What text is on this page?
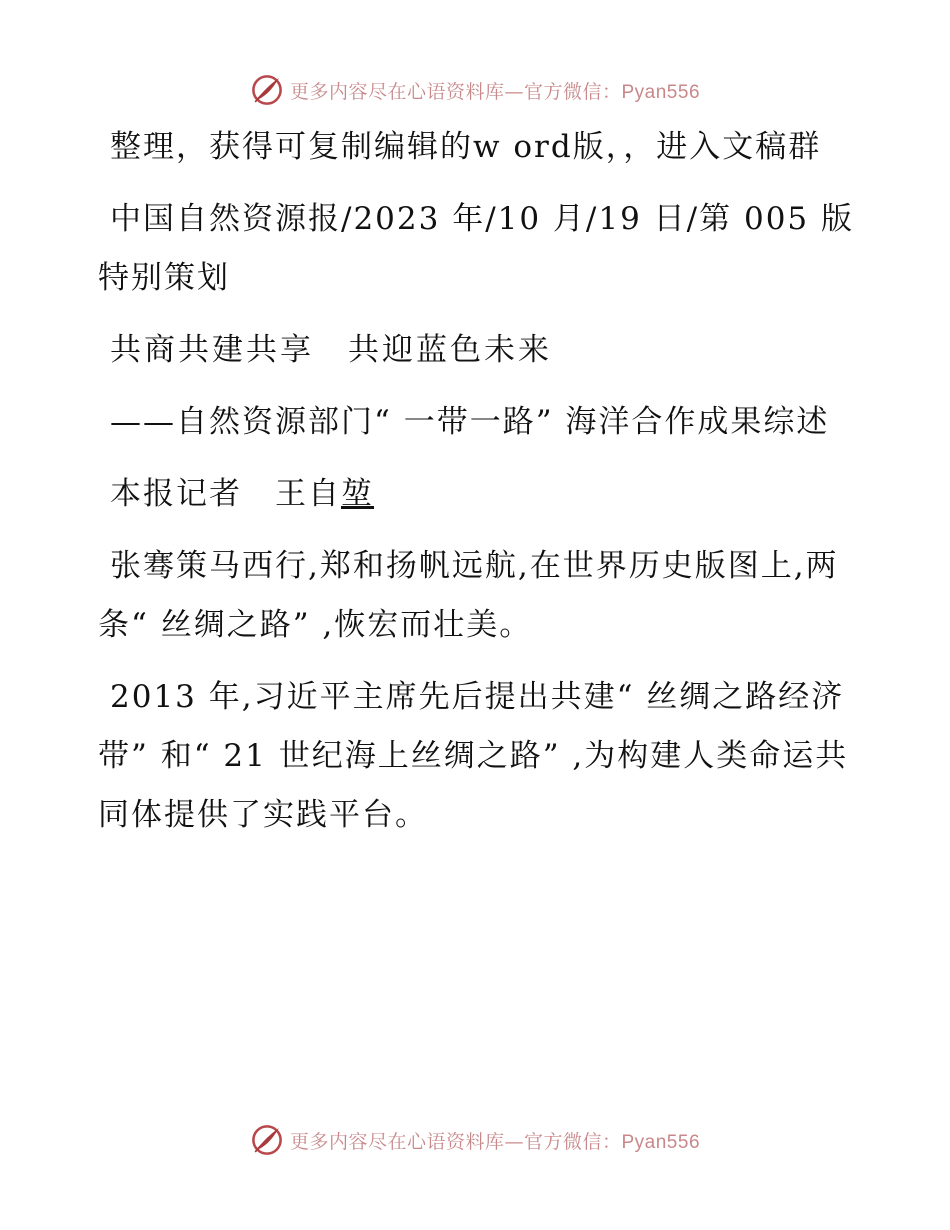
更多内容尽在心语资料库—官方微信：Pyan556

整理，获得可复制编辑的w ord版，，进入文稿群

中国自然资源报/2023 年/10 月/19 日/第 005 版特别策划

共商共建共享　共迎蓝色未来

——自然资源部门“ 一带一路” 海洋合作成果综述

本报记者　王自堃

张骞策马西行,郑和扬帆远航,在世界历史版图上,两条“ 丝绸之路” ,恢宏而壮美。

2013 年,习近平主席先后提出共建“ 丝绸之路经济带” 和“ 21 世纪海上丝绸之路” ,为构建人类命运共同体提供了实践平台。

更多内容尽在心语资料库—官方微信：Pyan556
